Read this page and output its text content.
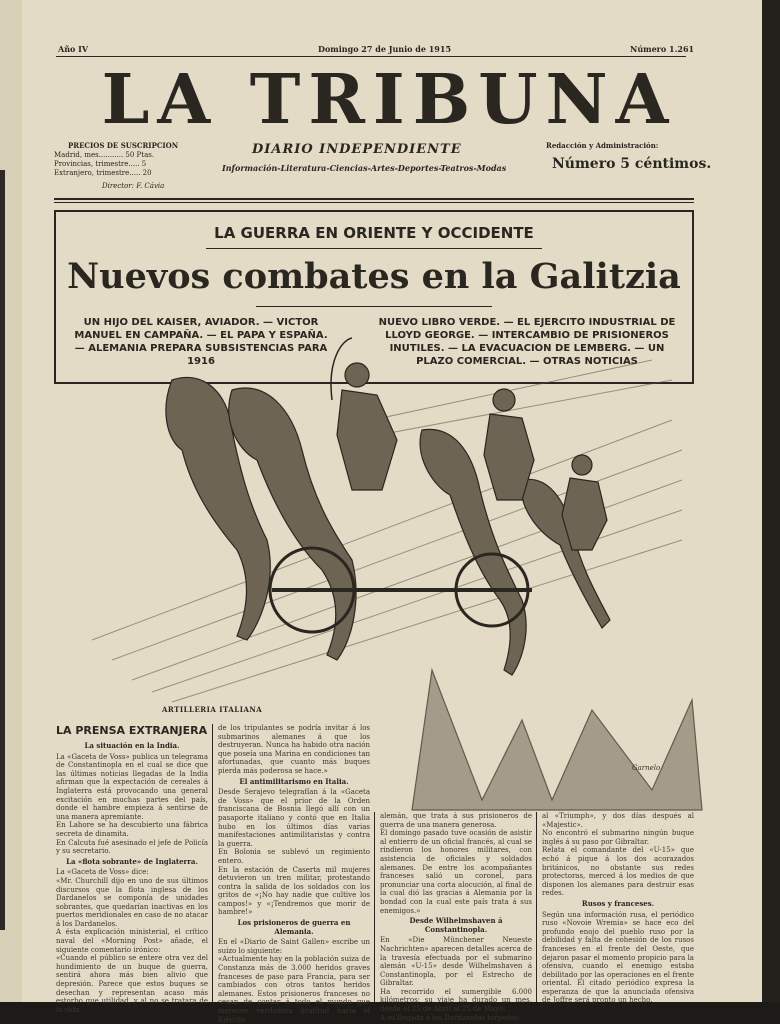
Año IV	Domingo 27 de Junio de 1915	Número 1.261
LA TRIBUNA
DIARIO INDEPENDIENTE
Información-Literatura-Ciencias-Artes-Deportes-Teatros-Modas
PRECIOS DE SUSCRIPCION
Madrid, mes........... 50 Ptas.
Provincias, trimestre..... 5
Extranjero, trimestre..... 20
Director: F. Cávia
Redacción y Administración:
Número 5 céntimos.
LA GUERRA EN ORIENTE Y OCCIDENTE
Nuevos combates en la Galitzia
UN HIJO DEL KAISER, AVIADOR. — VICTOR MANUEL EN CAMPAÑA. — EL PAPA Y ESPAÑA. — ALEMANIA PREPARA SUBSISTENCIAS PARA 1916
NUEVO LIBRO VERDE. — EL EJERCITO INDUSTRIAL DE LLOYD GEORGE. — INTERCAMBIO DE PRISIONEROS INUTILES. — LA EVACUACION DE LEMBERG. — UN PLAZO COMERCIAL. — OTRAS NOTICIAS
Garnelo
ARTILLERIA ITALIANA
LA PRENSA EXTRANJERA
La situación en la India.
La «Gaceta de Voss» publica un telegrama de Constantinopla en el cual se dice que las últimas noticias llegadas de la India afirman que la expectación de cereales á Inglaterra está provocando una general excitación en muchas partes del país, donde el hambre empieza á sentirse de una manera apremiante.
En Lahore se ha descubierto una fábrica secreta de dinamita.
En Calcuta fué asesinado el jefe de Policía y su secretario.
La «flota sobrante» de Inglaterra.
La «Gaceta de Voss» dice:
«Mr. Churchill dijo en uno de sus últimos discursos que la flota inglesa de los Dardanelos se componía de unidades sobrantes, que quedarían inactivas en los puertos meridionales en caso de no atacar á los Dardanelos.
A ésta explicación ministerial, el crítico naval del «Morning Post» añade, el siguiente comentario irónico:
«Cuando el público se entere otra vez del hundimiento de un buque de guerra, sentirá ahora más bien alivio que depresión. Parece que estos buques se desechan y representan acaso más estorbo que utilidad, y al no se tratara de la vida
de los tripulantes se podría invitar á los submarinos alemanes á que los destruyeran. Nunca ha habido otra nación que poseía una Marina en condiciones tan afortunadas, que cuanto más buques pierda más poderosa se hace.»
El antimilitarismo en Italia.
Desde Serajevo telegrafían á la «Gaceta de Voss» que el prior de la Orden franciscana de Bosnia llegó allí con un pasaporte italiano y contó que en Italia hubo en los últimos días varias manifestaciones antimilitaristas y contra la guerra.
En Bolonia se sublevó un regimiento entero.
En la estación de Caserta mil mujeres detuvieron un tren militar, protestando contra la salida de los soldados con los gritos de «¡No hay nadie que cultive los campos!» y «¡Tendremos que morir de hambre!»
Los prisioneros de guerra en Alemania.
En el «Diario de Saint Gallen» escribe un suizo lo siguiente:
«Actualmente hay en la población suiza de Constanza más de 3.000 heridos graves franceses de paso para Francia, para ser cambiados con otros tantos heridos alemanes. Estos prisioneros franceses no cesan de contar á todo el mundo que merecen verdadera gratitud hacia el Ejército
alemán, que trata á sus prisioneros de guerra de una manera generosa.
El domingo pasado tuve ocasión de asistir al entierro de un oficial francés, al cual se rindieron los honores militares, con asistencia de oficiales y soldados alemanes. De entre los acompañantes franceses salió un coronel, para pronunciar una corta alocución, al final de la cual dió las gracias á Alemania por la bondad con la cual este país trata á sus enemigos.»
Desde Wilhelmshaven á Constantinopla.
En «Die Münchener Neueste Nachrichten» aparecen detalles acerca de la travesía efectuada por el submarino alemán «U-15» desde Wilhelmshaven á Constantinopla, por el Estrecho de Gibraltar.
Ha recorrido el sumergible 6.000 kilómetros; su viaje ha durado un mes, desde el 25 de Abril al 25 de Mayo.
A su llegada á los Dardanelos torpedeó
al «Triumph», y dos días después al «Majestic».
No encontró el submarino ningún buque inglés á su paso por Gibraltar.
Relata el comandante del «U-15» que echó á pique á los dos acorazados británicos, no obstante sus redes protectoras, merced á los medios de que disponen los alemanes para destruir esas redes.
Rusos y franceses.
Según una información rusa, el periódico ruso «Novoie Wremia» se hace eco del profundo enojo del pueblo ruso por la debilidad y falta de cohesión de los rusos franceses en el frente del Oeste, que dejaron pasar el momento propicio para la ofensiva, cuando el enemigo estaba debilitado por las operaciones en el frente oriental. El citado periódico expresa la esperanza de que la anunciada ofensiva de Joffre será pronto un hecho.
